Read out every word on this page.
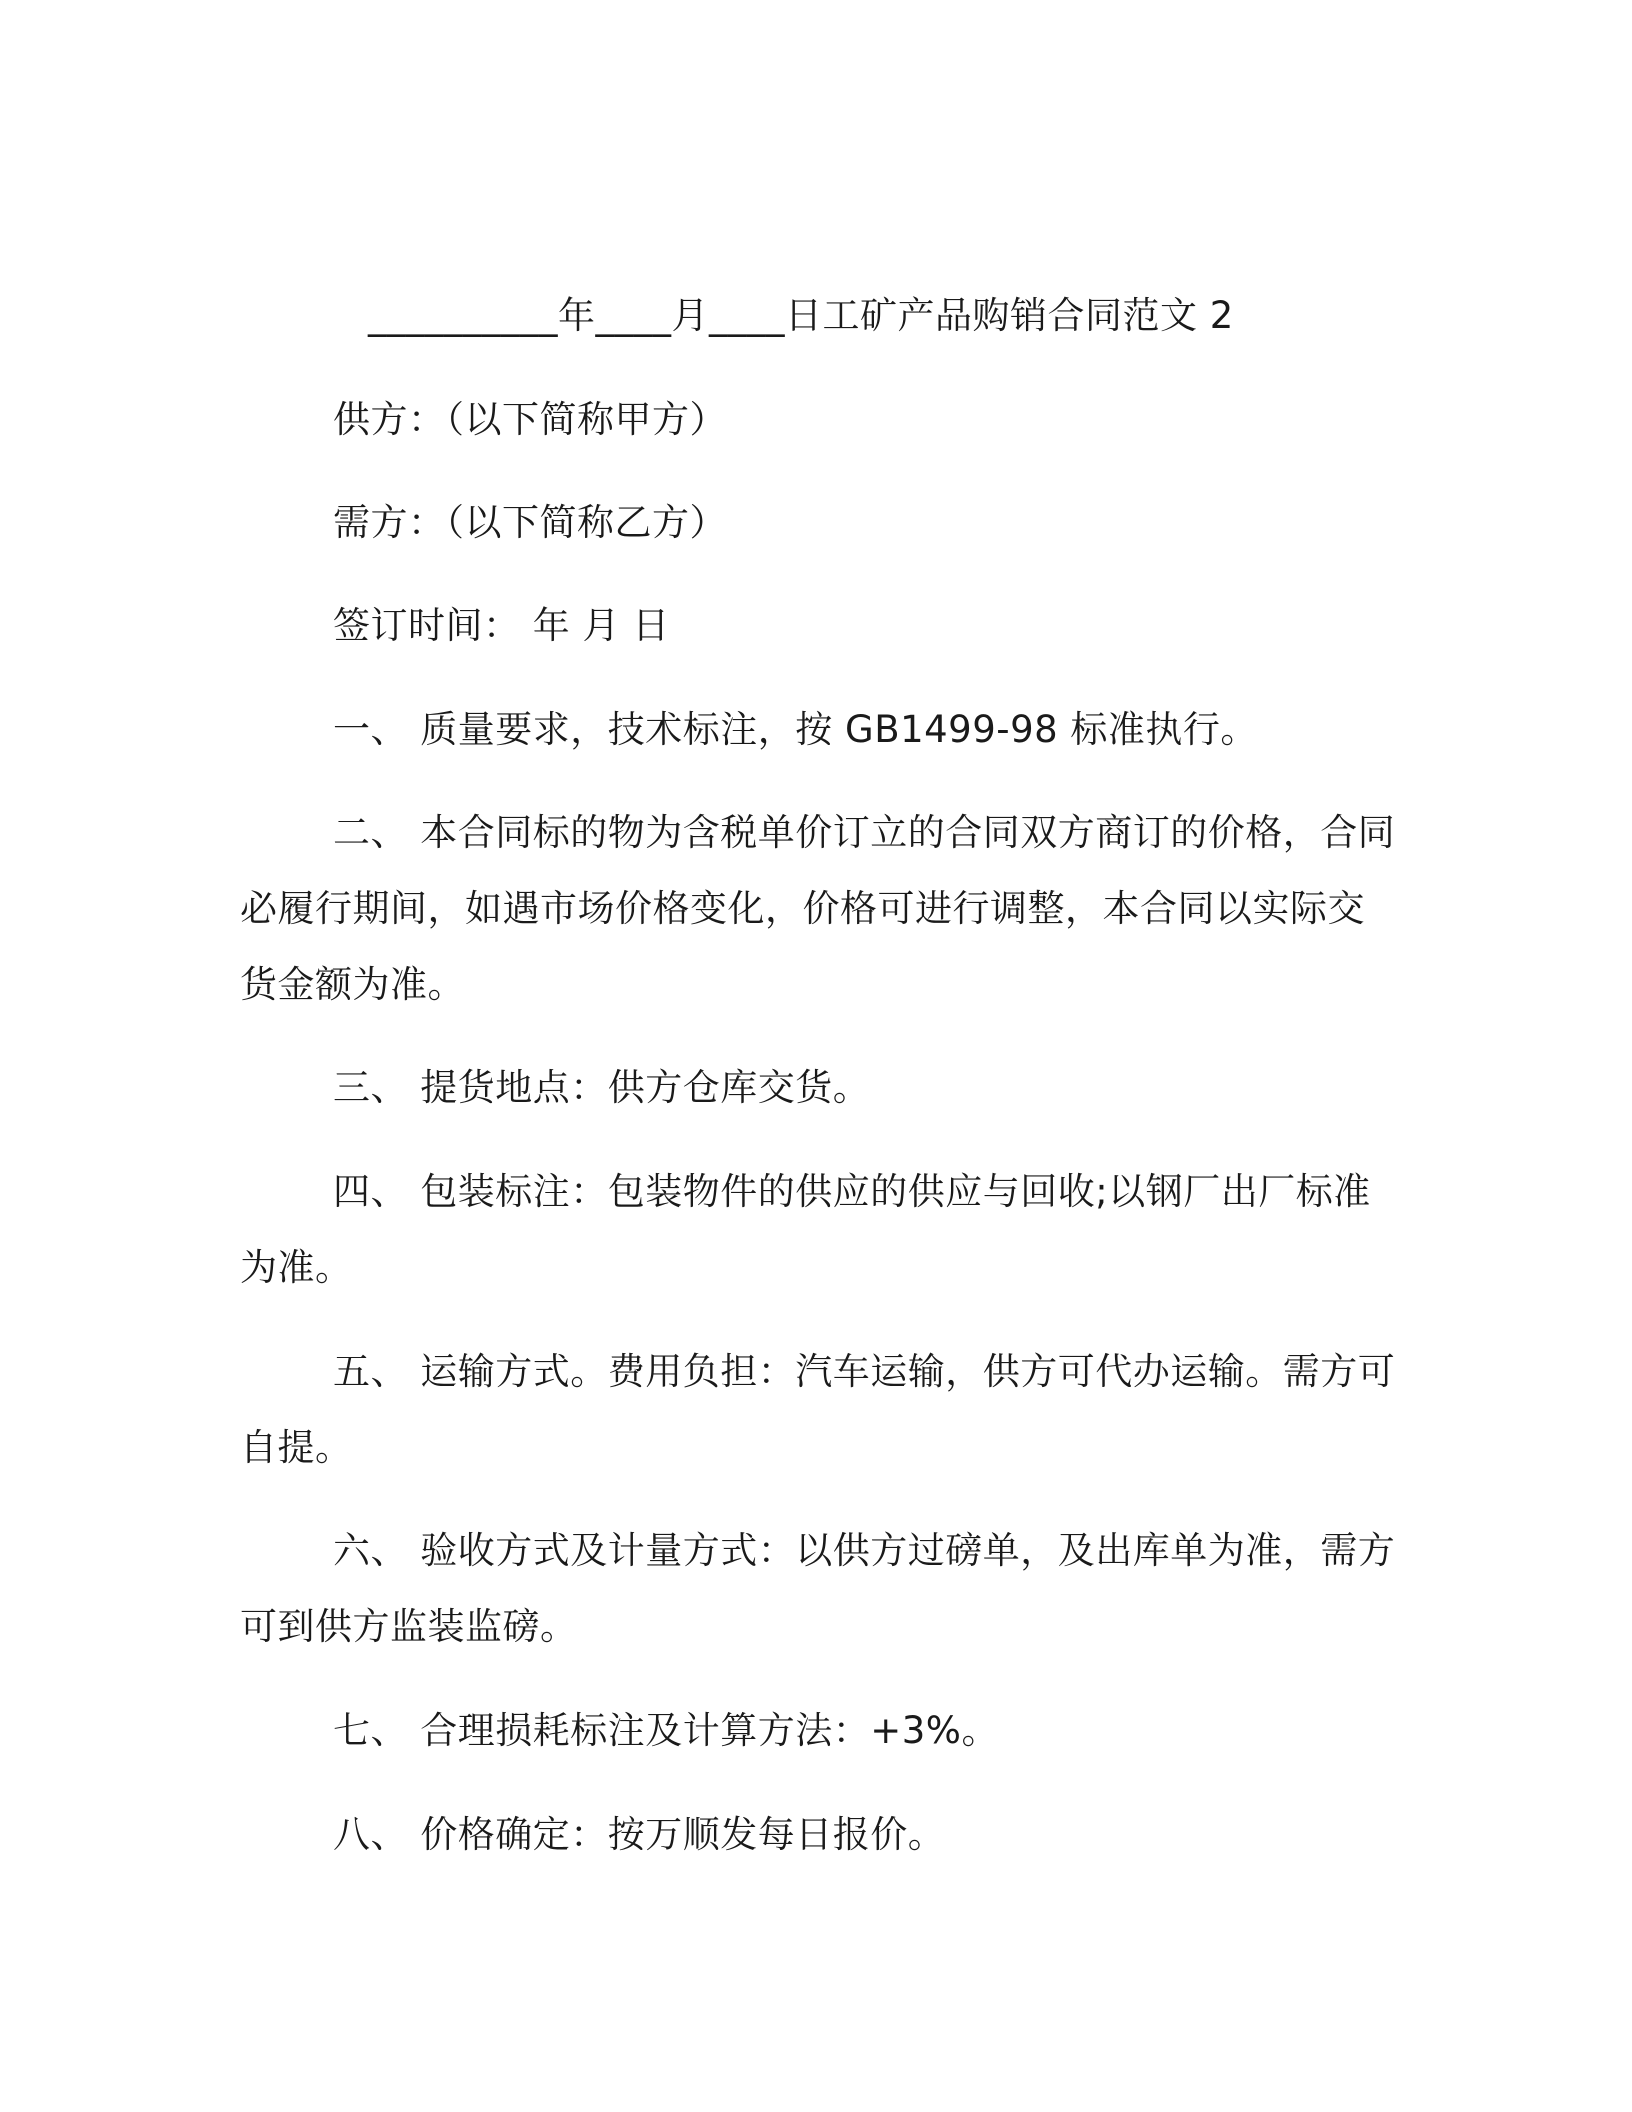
__________年____月____日工矿产品购销合同范文 2
供方：（以下简称甲方）
需方：（以下简称乙方）
签订时间： 年 月 日
一、 质量要求，技术标注，按 GB1499-98 标准执行。
二、 本合同标的物为含税单价订立的合同双方商订的价格，合同
必履行期间，如遇市场价格变化，价格可进行调整，本合同以实际交
货金额为准。
三、 提货地点：供方仓库交货。
四、 包装标注：包装物件的供应的供应与回收;以钢厂出厂标准
为准。
五、 运输方式。费用负担：汽车运输，供方可代办运输。需方可
自提。
六、 验收方式及计量方式：以供方过磅单，及出库单为准，需方
可到供方监装监磅。
七、 合理损耗标注及计算方法：+3%。
八、 价格确定：按万顺发每日报价。
